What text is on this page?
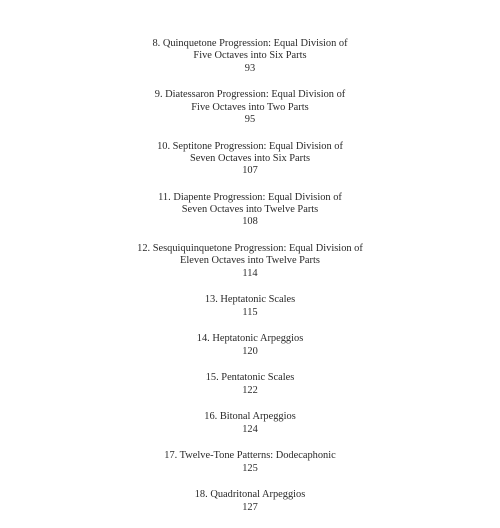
8. Quinquetone Progression: Equal Division of
Five Octaves into Six Parts
93
9. Diatessaron Progression: Equal Division of
Five Octaves into Two Parts
95
10. Septitone Progression: Equal Division of
Seven Octaves into Six Parts
107
11. Diapente Progression: Equal Division of
Seven Octaves into Twelve Parts
108
12. Sesquiquinquetone Progression: Equal Division of
Eleven Octaves into Twelve Parts
114
13. Heptatonic Scales
115
14. Heptatonic Arpeggios
120
15. Pentatonic Scales
122
16. Bitonal Arpeggios
124
17. Twelve-Tone Patterns: Dodecaphonic
125
18. Quadritonal Arpeggios
127
